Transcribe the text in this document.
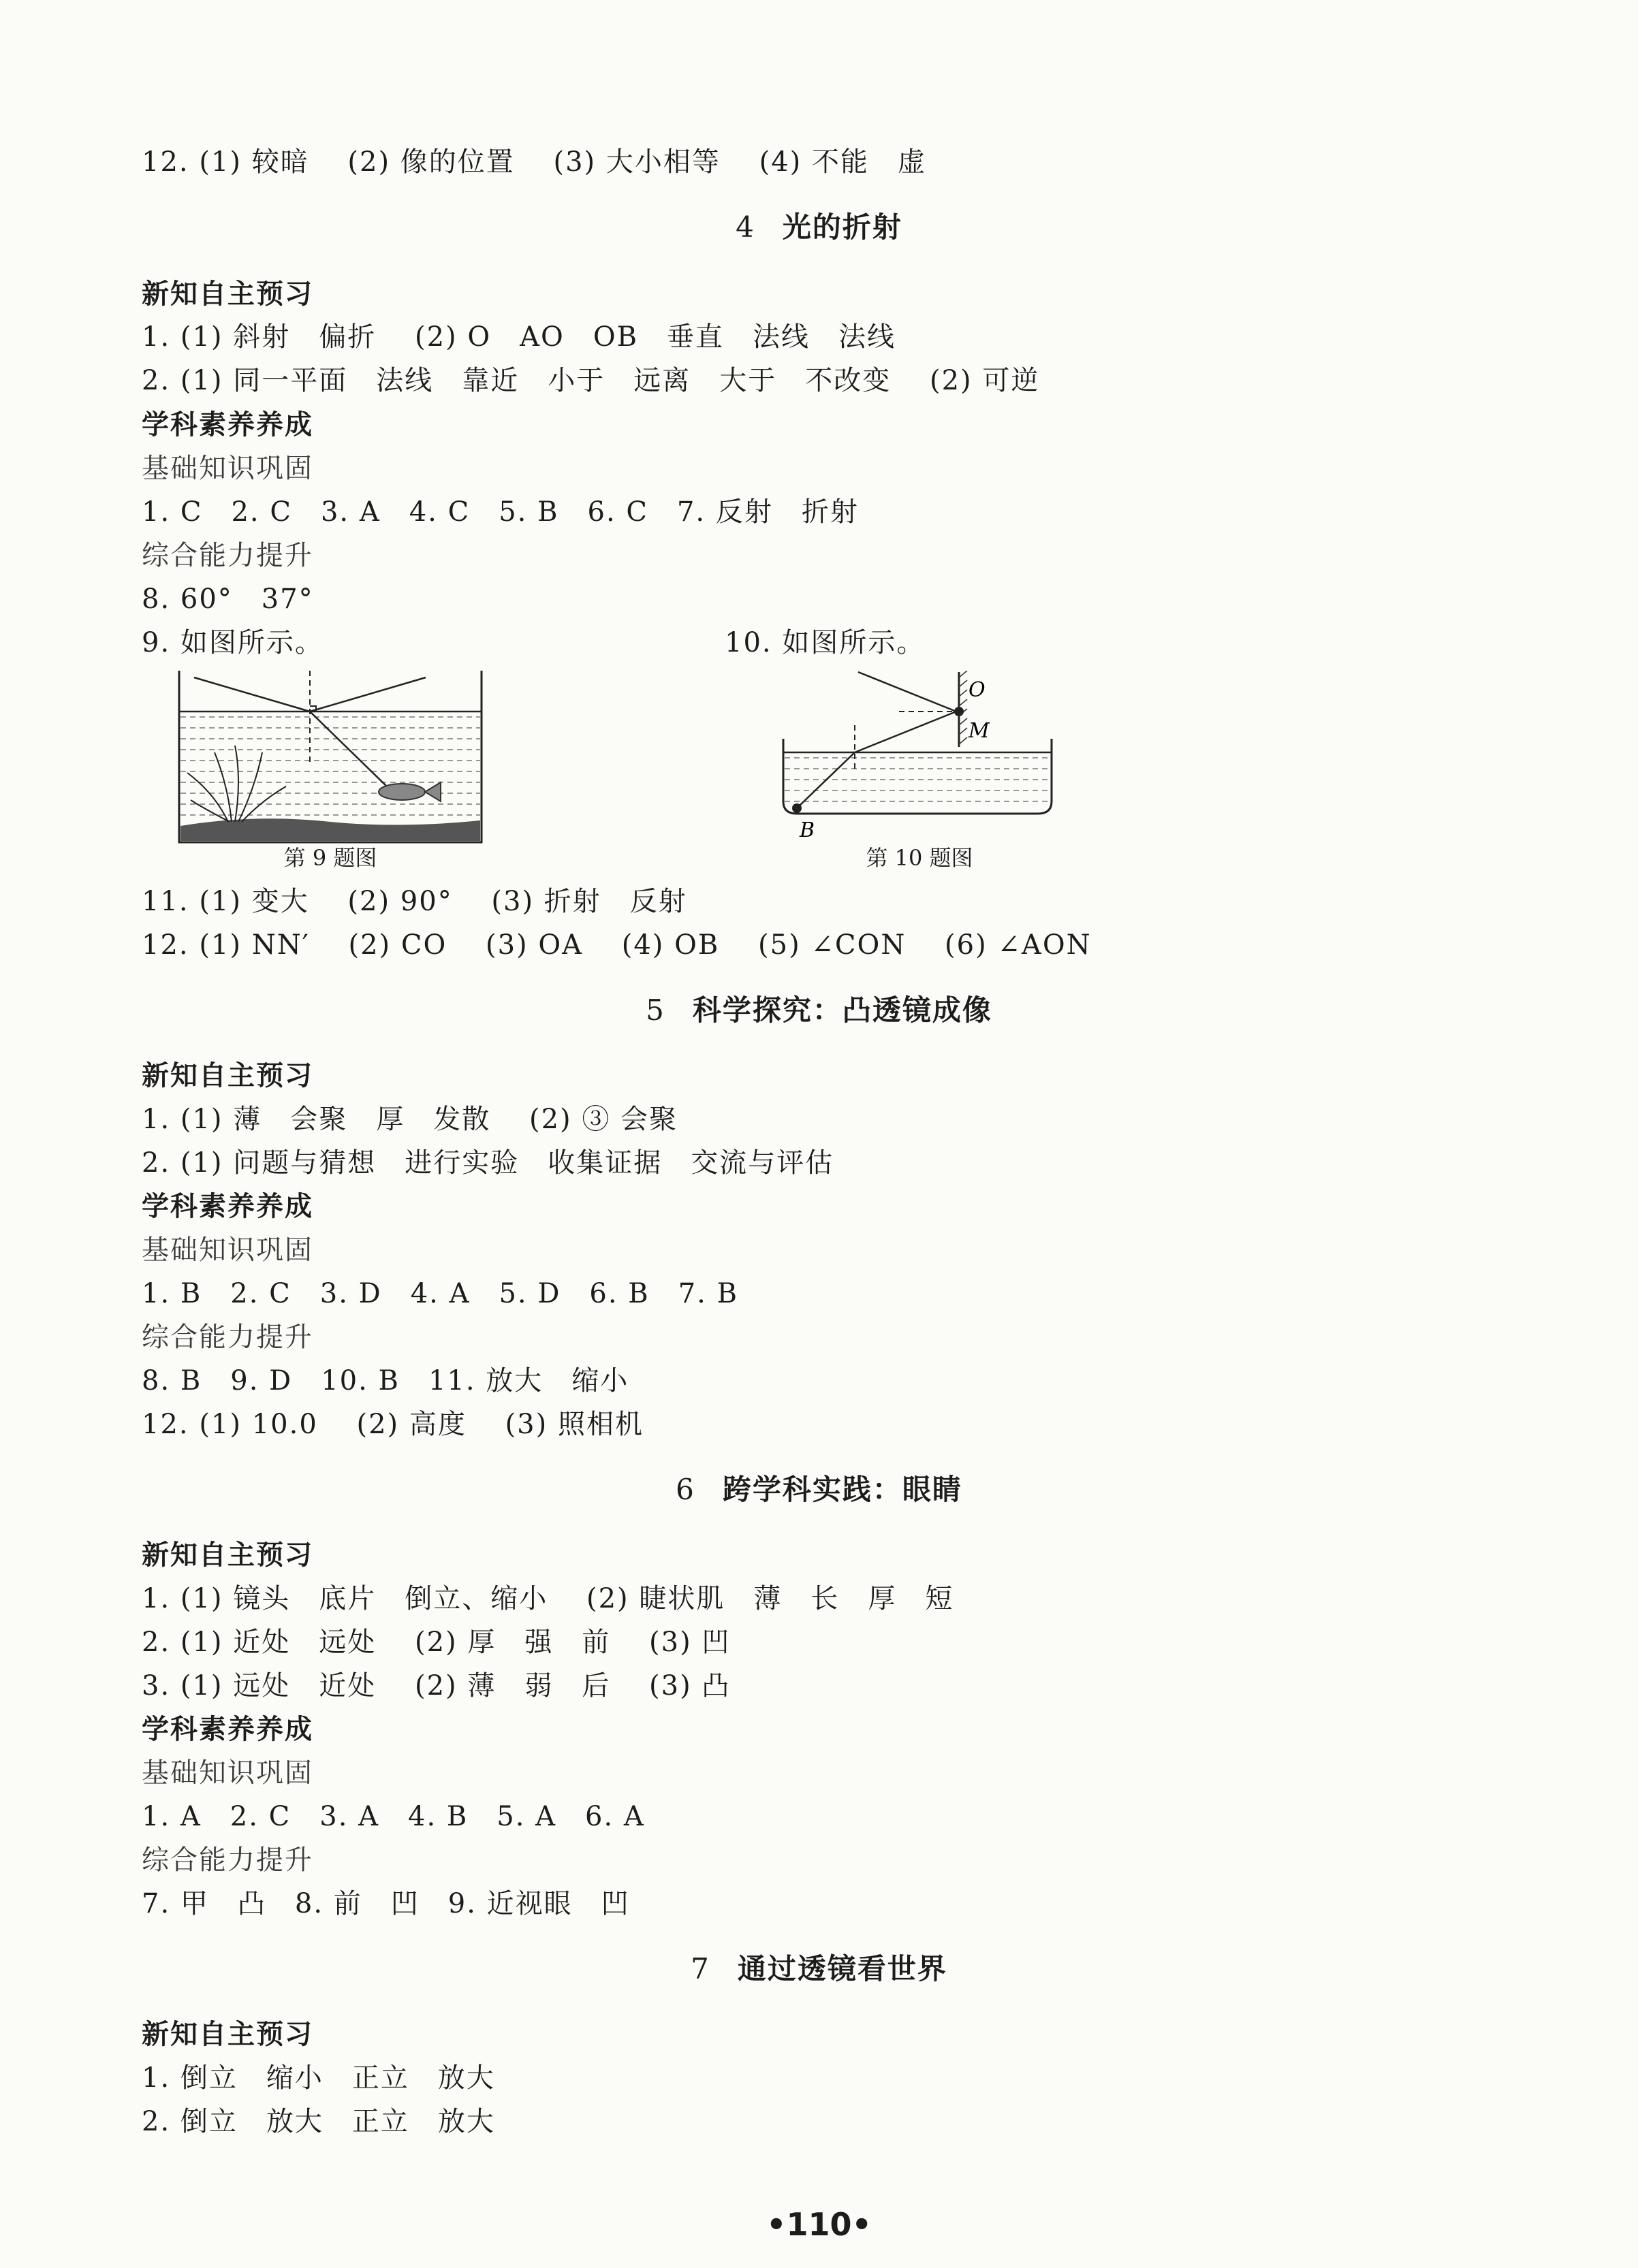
12. (1) 较暗　 (2) 像的位置　 (3) 大小相等　 (4) 不能　虚
4 光的折射
新知自主预习
1. (1) 斜射　偏折　 (2) O　AO　OB　垂直　法线　法线
2. (1) 同一平面　法线　靠近　小于　远离　大于　不改变　 (2) 可逆
学科素养养成
基础知识巩固
1. C　2. C　3. A　4. C　5. B　6. C　7. 反射　折射
综合能力提升
8. 60°　37°
9. 如图所示。	10. 如图所示。
第 9 题图
O
M
B
第 10 题图
11. (1) 变大　 (2) 90°　 (3) 折射　反射
12. (1) NN′　 (2) CO　 (3) OA　 (4) OB　 (5) ∠CON　 (6) ∠AON
5 科学探究：凸透镜成像
新知自主预习
1. (1) 薄　会聚　厚　发散　 (2) ③ 会聚
2. (1) 问题与猜想　进行实验　收集证据　交流与评估
学科素养养成
基础知识巩固
1. B　2. C　3. D　4. A　5. D　6. B　7. B
综合能力提升
8. B　9. D　10. B　11. 放大　缩小
12. (1) 10.0　 (2) 高度　 (3) 照相机
6 跨学科实践：眼睛
新知自主预习
1. (1) 镜头　底片　倒立、缩小　 (2) 睫状肌　薄　长　厚　短
2. (1) 近处　远处　 (2) 厚　强　前　 (3) 凹
3. (1) 远处　近处　 (2) 薄　弱　后　 (3) 凸
学科素养养成
基础知识巩固
1. A　2. C　3. A　4. B　5. A　6. A
综合能力提升
7. 甲　凸　8. 前　凹　9. 近视眼　凹
7 通过透镜看世界
新知自主预习
1. 倒立　缩小　正立　放大
2. 倒立　放大　正立　放大
•110•
